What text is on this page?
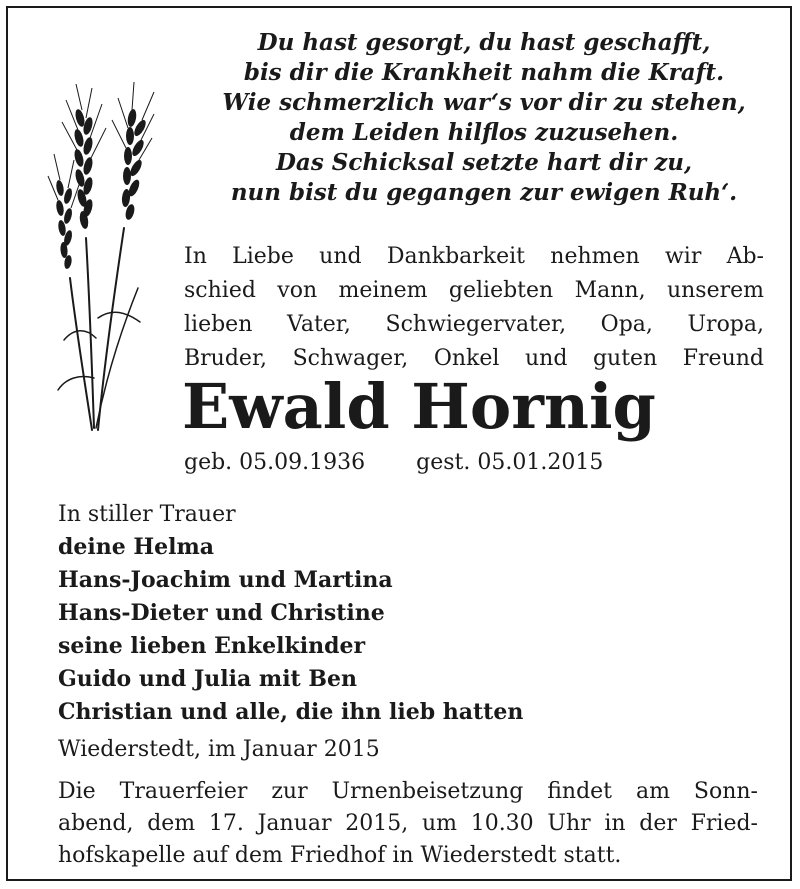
Du hast gesorgt, du hast geschafft,
bis dir die Krankheit nahm die Kraft.
Wie schmerzlich war‘s vor dir zu stehen,
dem Leiden hilflos zuzusehen.
Das Schicksal setzte hart dir zu,
nun bist du gegangen zur ewigen Ruh‘.
In Liebe und Dankbarkeit nehmen wir Ab-
schied von meinem geliebten Mann, unserem
lieben Vater, Schwiegervater, Opa, Uropa,
Bruder, Schwager, Onkel und guten Freund
Ewald Hornig
geb. 05.09.1936 gest. 05.01.2015
In stiller Trauer
deine Helma
Hans-Joachim und Martina
Hans-Dieter und Christine
seine lieben Enkelkinder
Guido und Julia mit Ben
Christian und alle, die ihn lieb hatten
Wiederstedt, im Januar 2015
Die Trauerfeier zur Urnenbeisetzung findet am Sonn-
abend, dem 17. Januar 2015, um 10.30 Uhr in der Fried-
hofskapelle auf dem Friedhof in Wiederstedt statt.
